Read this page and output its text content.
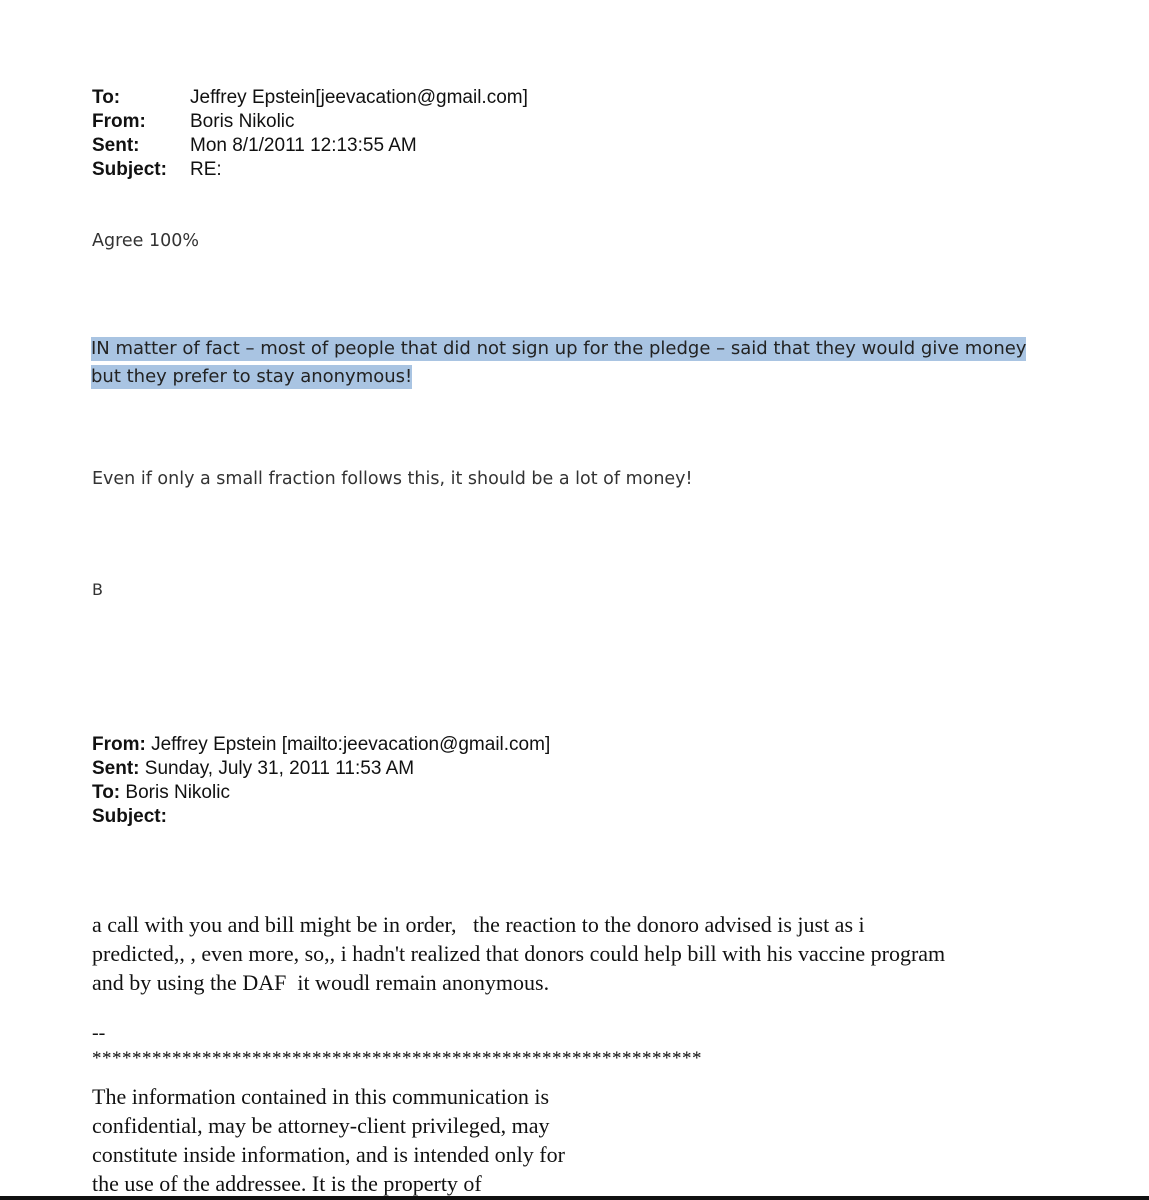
To:	Jeffrey Epstein[jeevacation@gmail.com]
From:	Boris Nikolic
Sent:	Mon 8/1/2011 12:13:55 AM
Subject:	RE:
Agree 100%
IN matter of fact – most of people that did not sign up for the pledge – said that they would give money
but they prefer to stay anonymous!
Even if only a small fraction follows this, it should be a lot of money!
B
From: Jeffrey Epstein [mailto:jeevacation@gmail.com]
Sent: Sunday, July 31, 2011 11:53 AM
To: Boris Nikolic
Subject:
a call with you and bill might be in order,   the reaction to the donoro advised is just as i
predicted,, , even more, so,, i hadn't realized that donors could help bill with his vaccine program
and by using the DAF  it woudl remain anonymous.
--
*************************************************************
The information contained in this communication is
confidential, may be attorney-client privileged, may
constitute inside information, and is intended only for
the use of the addressee. It is the property of
